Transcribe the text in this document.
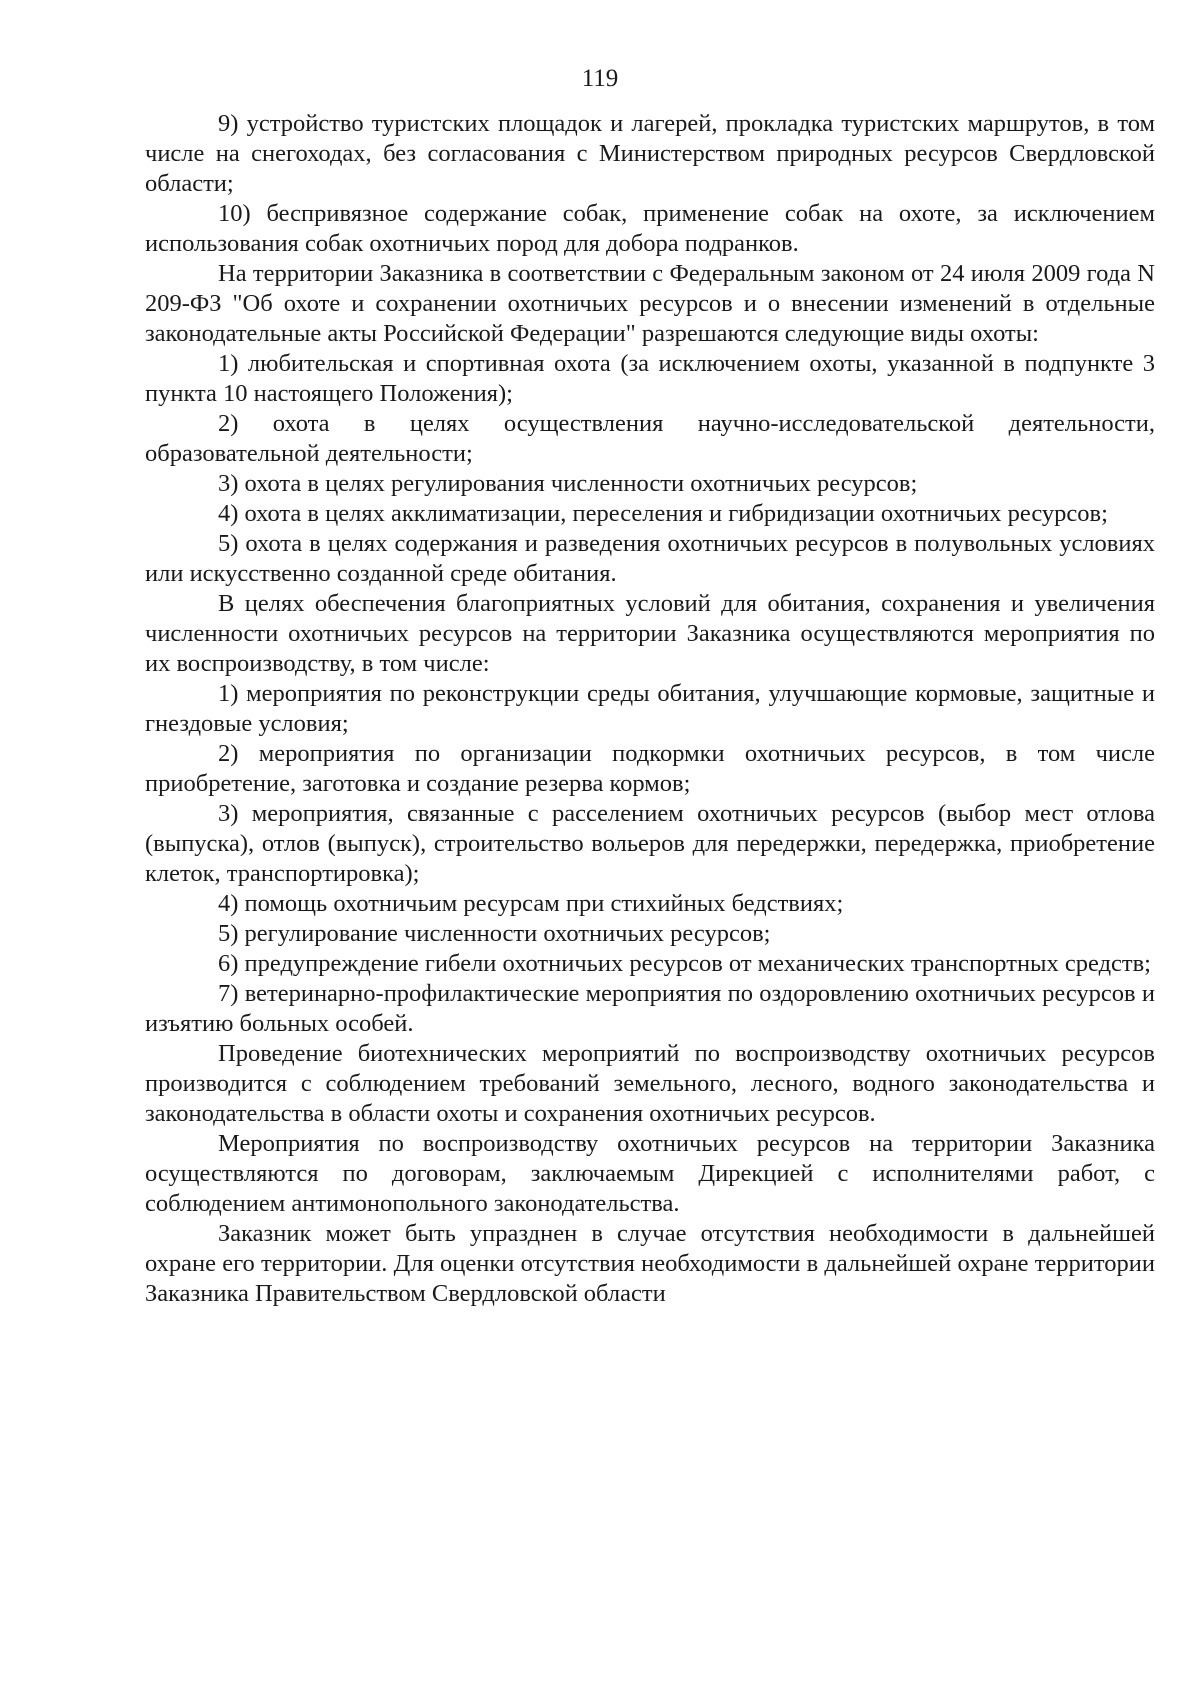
119

9) устройство туристских площадок и лагерей, прокладка туристских маршрутов, в том числе на снегоходах, без согласования с Министерством природных ресурсов Свердловской области;

10) беспривязное содержание собак, применение собак на охоте, за исключением использования собак охотничьих пород для добора подранков.

На территории Заказника в соответствии с Федеральным законом от 24 июля 2009 года N 209-ФЗ "Об охоте и сохранении охотничьих ресурсов и о внесении изменений в отдельные законодательные акты Российской Федерации" разрешаются следующие виды охоты:

1) любительская и спортивная охота (за исключением охоты, указанной в подпункте 3 пункта 10 настоящего Положения);

2) охота в целях осуществления научно-исследовательской деятельности, образовательной деятельности;

3) охота в целях регулирования численности охотничьих ресурсов;

4) охота в целях акклиматизации, переселения и гибридизации охотничьих ресурсов;

5) охота в целях содержания и разведения охотничьих ресурсов в полувольных условиях или искусственно созданной среде обитания.

В целях обеспечения благоприятных условий для обитания, сохранения и увеличения численности охотничьих ресурсов на территории Заказника осуществляются мероприятия по их воспроизводству, в том числе:

1) мероприятия по реконструкции среды обитания, улучшающие кормовые, защитные и гнездовые условия;

2) мероприятия по организации подкормки охотничьих ресурсов, в том числе приобретение, заготовка и создание резерва кормов;

3) мероприятия, связанные с расселением охотничьих ресурсов (выбор мест отлова (выпуска), отлов (выпуск), строительство вольеров для передержки, передержка, приобретение клеток, транспортировка);

4) помощь охотничьим ресурсам при стихийных бедствиях;

5) регулирование численности охотничьих ресурсов;

6) предупреждение гибели охотничьих ресурсов от механических транспортных средств;

7) ветеринарно-профилактические мероприятия по оздоровлению охотничьих ресурсов и изъятию больных особей.

Проведение биотехнических мероприятий по воспроизводству охотничьих ресурсов производится с соблюдением требований земельного, лесного, водного законодательства и законодательства в области охоты и сохранения охотничьих ресурсов.

Мероприятия по воспроизводству охотничьих ресурсов на территории Заказника осуществляются по договорам, заключаемым Дирекцией с исполнителями работ, с соблюдением антимонопольного законодательства.

Заказник может быть упразднен в случае отсутствия необходимости в дальнейшей охране его территории. Для оценки отсутствия необходимости в дальнейшей охране территории Заказника Правительством Свердловской области
